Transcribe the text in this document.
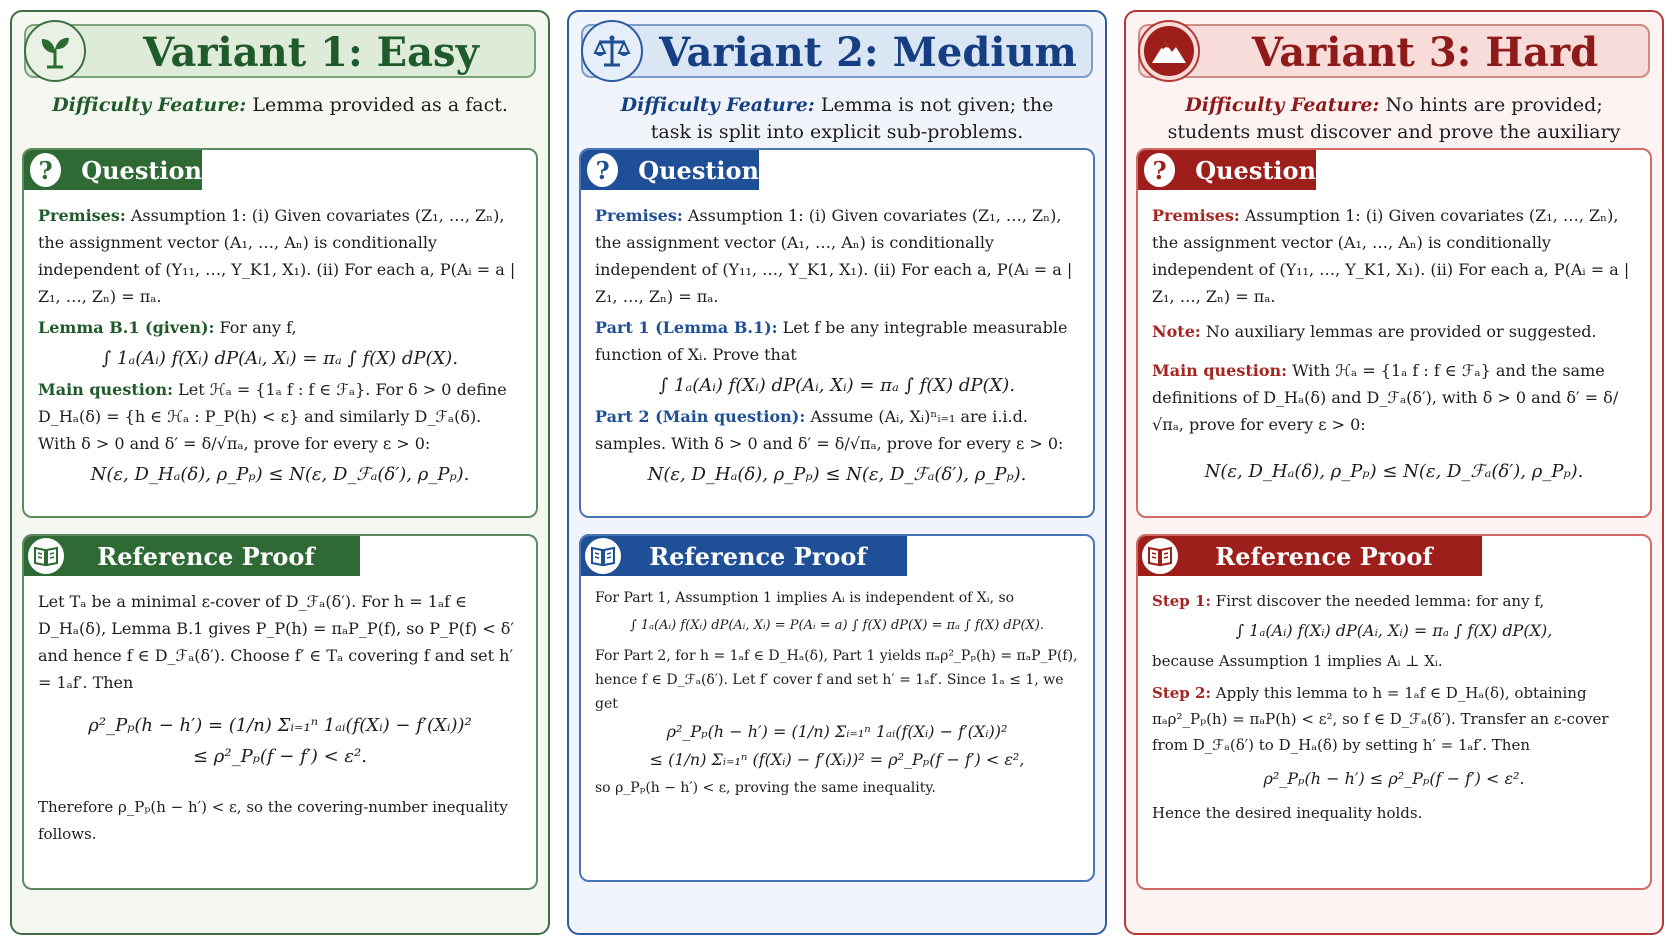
Variant 1: Easy
Difficulty Feature: Lemma provided as a fact.
?	Question

Premises: Assumption 1: (i) Given covariates (Z₁, …, Zₙ), the assignment vector (A₁, …, Aₙ) is conditionally independent of (Y₁₁, …, Y_K1, X₁). (ii) For each a, P(Aᵢ = a | Z₁, …, Zₙ) = πₐ.

Lemma B.1 (given): For any f,

∫ 1ₐ(Aᵢ) f(Xᵢ) dP(Aᵢ, Xᵢ) = πₐ ∫ f(X) dP(X).

Main question: Let ℋₐ = {1ₐ f : f ∈ ℱₐ}. For δ > 0 define D_Hₐ(δ) = {h ∈ ℋₐ : P_P(h) < ε} and similarly D_ℱₐ(δ). With δ > 0 and δ′ = δ/√πₐ, prove for every ε > 0:

N(ε, D_Hₐ(δ), ρ_Pₚ) ≤ N(ε, D_ℱₐ(δ′), ρ_Pₚ).
Reference Proof

Let Tₐ be a minimal ε-cover of D_ℱₐ(δ′). For h = 1ₐf ∈ D_Hₐ(δ), Lemma B.1 gives P_P(h) = πₐP_P(f), so P_P(f) < δ′ and hence f ∈ D_ℱₐ(δ′). Choose f′ ∈ Tₐ covering f and set h′ = 1ₐf′. Then

ρ²_Pₚ(h − h′) = (1/n) Σᵢ₌₁ⁿ 1ₐᵢ(f(Xᵢ) − f′(Xᵢ))²
≤ ρ²_Pₚ(f − f′) < ε².

Therefore ρ_Pₚ(h − h′) < ε, so the covering-number inequality follows.

Variant 2: Medium
Difficulty Feature: Lemma is not given; the task is split into explicit sub-problems.
?	Question

Premises: Assumption 1: (i) Given covariates (Z₁, …, Zₙ), the assignment vector (A₁, …, Aₙ) is conditionally independent of (Y₁₁, …, Y_K1, X₁). (ii) For each a, P(Aᵢ = a | Z₁, …, Zₙ) = πₐ.

Part 1 (Lemma B.1): Let f be any integrable measurable function of Xᵢ. Prove that

∫ 1ₐ(Aᵢ) f(Xᵢ) dP(Aᵢ, Xᵢ) = πₐ ∫ f(X) dP(X).

Part 2 (Main question): Assume (Aᵢ, Xᵢ)ⁿᵢ₌₁ are i.i.d. samples. With δ > 0 and δ′ = δ/√πₐ, prove for every ε > 0:

N(ε, D_Hₐ(δ), ρ_Pₚ) ≤ N(ε, D_ℱₐ(δ′), ρ_Pₚ).
Reference Proof

For Part 1, Assumption 1 implies Aᵢ is independent of Xᵢ, so

∫ 1ₐ(Aᵢ) f(Xᵢ) dP(Aᵢ, Xᵢ) = P(Aᵢ = a) ∫ f(X) dP(X) = πₐ ∫ f(X) dP(X).

For Part 2, for h = 1ₐf ∈ D_Hₐ(δ), Part 1 yields πₐρ²_Pₚ(h) = πₐP_P(f), hence f ∈ D_ℱₐ(δ′). Let f′ cover f and set h′ = 1ₐf′. Since 1ₐ ≤ 1, we get

ρ²_Pₚ(h − h′) = (1/n) Σᵢ₌₁ⁿ 1ₐᵢ(f(Xᵢ) − f′(Xᵢ))²
≤ (1/n) Σᵢ₌₁ⁿ (f(Xᵢ) − f′(Xᵢ))² = ρ²_Pₚ(f − f′) < ε²,

so ρ_Pₚ(h − h′) < ε, proving the same inequality.

Variant 3: Hard
Difficulty Feature: No hints are provided; students must discover and prove the auxiliary
?	Question

Premises: Assumption 1: (i) Given covariates (Z₁, …, Zₙ), the assignment vector (A₁, …, Aₙ) is conditionally independent of (Y₁₁, …, Y_K1, X₁). (ii) For each a, P(Aᵢ = a | Z₁, …, Zₙ) = πₐ.

Note: No auxiliary lemmas are provided or suggested.

Main question: With ℋₐ = {1ₐ f : f ∈ ℱₐ} and the same definitions of D_Hₐ(δ) and D_ℱₐ(δ′), with δ > 0 and δ′ = δ/√πₐ, prove for every ε > 0:

N(ε, D_Hₐ(δ), ρ_Pₚ) ≤ N(ε, D_ℱₐ(δ′), ρ_Pₚ).
Reference Proof

Step 1: First discover the needed lemma: for any f,

∫ 1ₐ(Aᵢ) f(Xᵢ) dP(Aᵢ, Xᵢ) = πₐ ∫ f(X) dP(X),

because Assumption 1 implies Aᵢ ⊥ Xᵢ.

Step 2: Apply this lemma to h = 1ₐf ∈ D_Hₐ(δ), obtaining πₐρ²_Pₚ(h) = πₐP(h) < ε², so f ∈ D_ℱₐ(δ′). Transfer an ε-cover from D_ℱₐ(δ′) to D_Hₐ(δ) by setting h′ = 1ₐf′. Then

ρ²_Pₚ(h − h′) ≤ ρ²_Pₚ(f − f′) < ε².

Hence the desired inequality holds.
